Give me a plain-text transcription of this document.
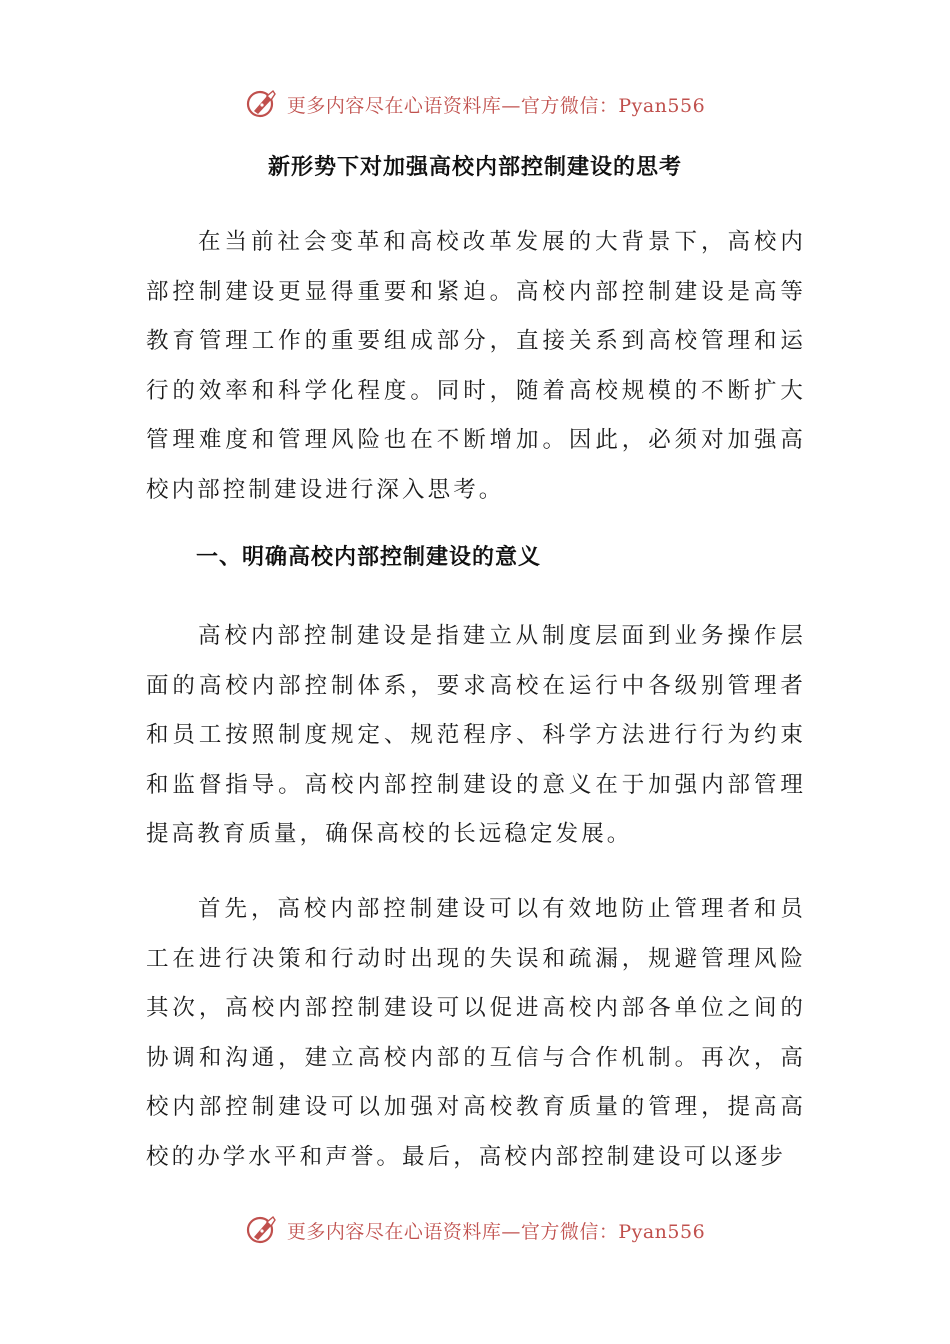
更多内容尽在心语资料库—官方微信：Pyan556
新形势下对加强高校内部控制建设的思考

在当前社会变革和高校改革发展的大背景下，高校内部控制建设更显得重要和紧迫。高校内部控制建设是高等教育管理工作的重要组成部分，直接关系到高校管理和运行的效率和科学化程度。同时，随着高校规模的不断扩大管理难度和管理风险也在不断增加。因此，必须对加强高校内部控制建设进行深入思考。

一、明确高校内部控制建设的意义

高校内部控制建设是指建立从制度层面到业务操作层面的高校内部控制体系，要求高校在运行中各级别管理者和员工按照制度规定、规范程序、科学方法进行行为约束和监督指导。高校内部控制建设的意义在于加强内部管理提高教育质量，确保高校的长远稳定发展。

首先，高校内部控制建设可以有效地防止管理者和员工在进行决策和行动时出现的失误和疏漏，规避管理风险其次，高校内部控制建设可以促进高校内部各单位之间的协调和沟通，建立高校内部的互信与合作机制。再次，高校内部控制建设可以加强对高校教育质量的管理，提高高校的办学水平和声誉。最后，高校内部控制建设可以逐步

更多内容尽在心语资料库—官方微信：Pyan556
